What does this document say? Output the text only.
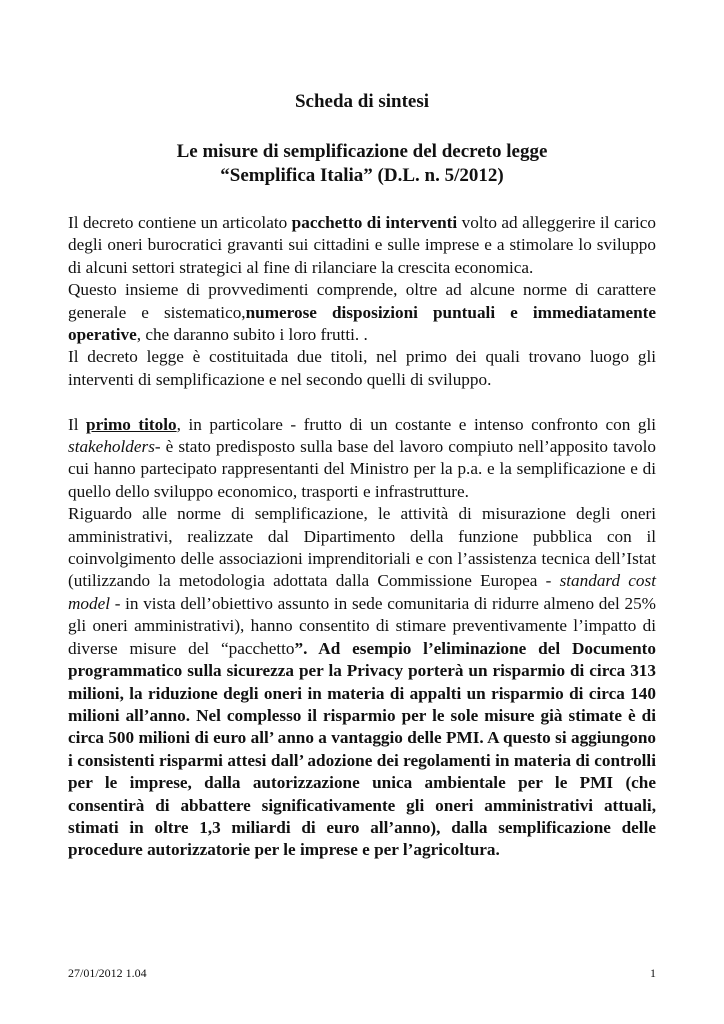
Scheda di sintesi
Le misure di semplificazione del decreto legge
“Semplifica Italia” (D.L. n. 5/2012)

Il decreto contiene un articolato pacchetto di interventi volto ad alleggerire il carico degli oneri burocratici gravanti sui cittadini e sulle imprese e a stimolare lo sviluppo di alcuni settori strategici al fine di rilanciare la crescita economica.

Questo insieme di provvedimenti comprende, oltre ad alcune norme di carattere generale e sistematico,numerose disposizioni puntuali e immediatamente operative, che daranno subito i loro frutti. .

Il decreto legge è costituitada due titoli, nel primo dei quali trovano luogo gli interventi di semplificazione e nel secondo quelli di sviluppo.

Il primo titolo, in particolare - frutto di un costante e intenso confronto con gli stakeholders- è stato predisposto sulla base del lavoro compiuto nell’apposito tavolo cui hanno partecipato rappresentanti del Ministro per la p.a. e la semplificazione e di quello dello sviluppo economico, trasporti e infrastrutture.

Riguardo alle norme di semplificazione, le attività di misurazione degli oneri amministrativi, realizzate dal Dipartimento della funzione pubblica con il coinvolgimento delle associazioni imprenditoriali e con l’assistenza tecnica dell’Istat (utilizzando la metodologia adottata dalla Commissione Europea - standard cost model - in vista dell’obiettivo assunto in sede comunitaria di ridurre almeno del 25% gli oneri amministrativi), hanno consentito di stimare preventivamente l’impatto di diverse misure del “pacchetto”. Ad esempio l’eliminazione del Documento programmatico sulla sicurezza per la Privacy porterà un risparmio di circa 313 milioni, la riduzione degli oneri in materia di appalti un risparmio di circa 140 milioni all’anno. Nel complesso il risparmio per le sole misure già stimate è di circa 500 milioni di euro all’ anno a vantaggio delle PMI. A questo si aggiungono i consistenti risparmi attesi dall’ adozione dei regolamenti in materia di controlli per le imprese, dalla autorizzazione unica ambientale per le PMI (che consentirà di abbattere significativamente gli oneri amministrativi attuali, stimati in oltre 1,3 miliardi di euro all’anno), dalla semplificazione delle procedure autorizzatorie per le imprese e per l’agricoltura.

27/01/2012 1.04	1
